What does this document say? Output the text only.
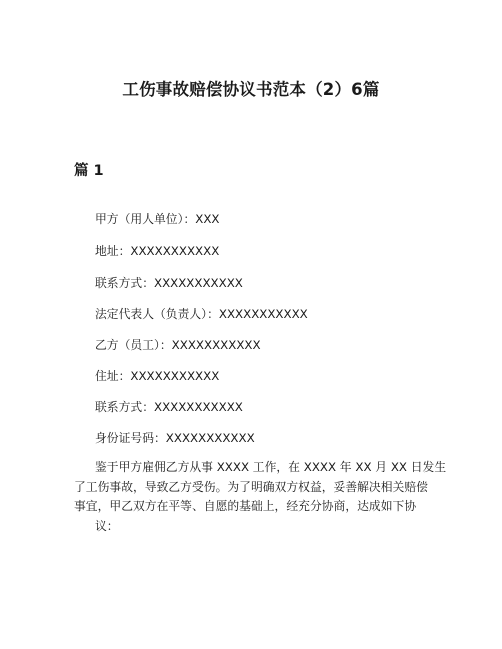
工伤事故赔偿协议书范本（2）6篇
篇 1
甲方（用人单位）：XXX
地址：XXXXXXXXXXX
联系方式：XXXXXXXXXXX
法定代表人（负责人）：XXXXXXXXXXX
乙方（员工）：XXXXXXXXXXX
住址：XXXXXXXXXXX
联系方式：XXXXXXXXXXX
身份证号码：XXXXXXXXXXX

鉴于甲方雇佣乙方从事 XXXX 工作，在 XXXX 年 XX 月 XX 日发生
了工伤事故，导致乙方受伤。为了明确双方权益，妥善解决相关赔偿
事宜，甲乙双方在平等、自愿的基础上，经充分协商，达成如下协
议：
